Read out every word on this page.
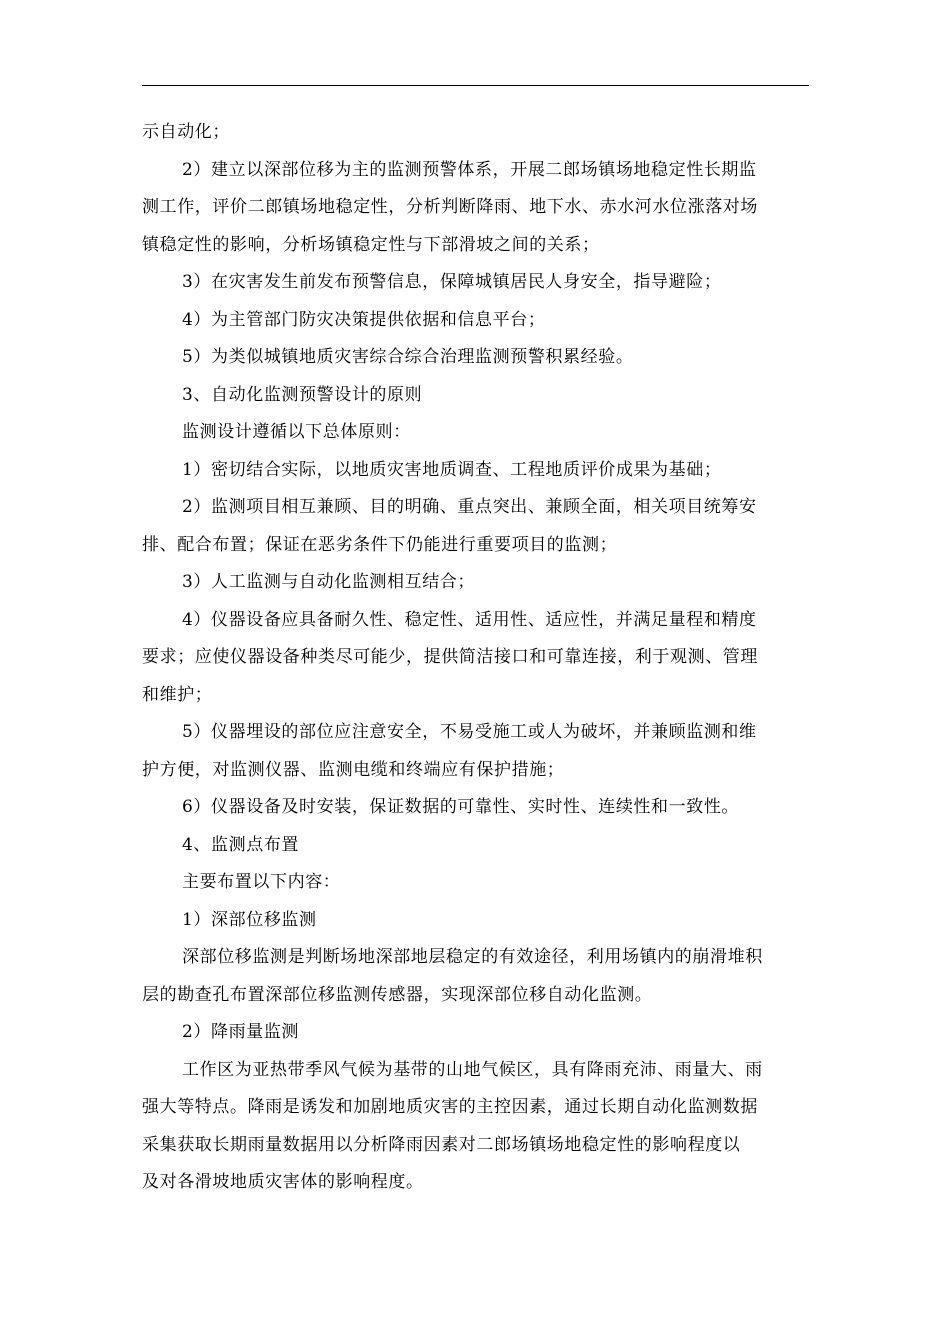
示自动化；
2）建立以深部位移为主的监测预警体系，开展二郎场镇场地稳定性长期监
测工作，评价二郎镇场地稳定性，分析判断降雨、地下水、赤水河水位涨落对场
镇稳定性的影响，分析场镇稳定性与下部滑坡之间的关系；
3）在灾害发生前发布预警信息，保障城镇居民人身安全，指导避险；
4）为主管部门防灾决策提供依据和信息平台；
5）为类似城镇地质灾害综合综合治理监测预警积累经验。
3、自动化监测预警设计的原则
监测设计遵循以下总体原则：
1）密切结合实际，以地质灾害地质调查、工程地质评价成果为基础；
2）监测项目相互兼顾、目的明确、重点突出、兼顾全面，相关项目统筹安
排、配合布置；保证在恶劣条件下仍能进行重要项目的监测；
3）人工监测与自动化监测相互结合；
4）仪器设备应具备耐久性、稳定性、适用性、适应性，并满足量程和精度
要求；应使仪器设备种类尽可能少，提供简洁接口和可靠连接，利于观测、管理
和维护；
5）仪器埋设的部位应注意安全，不易受施工或人为破坏，并兼顾监测和维
护方便，对监测仪器、监测电缆和终端应有保护措施；
6）仪器设备及时安装，保证数据的可靠性、实时性、连续性和一致性。
4、监测点布置
主要布置以下内容：
1）深部位移监测
深部位移监测是判断场地深部地层稳定的有效途径，利用场镇内的崩滑堆积
层的勘查孔布置深部位移监测传感器，实现深部位移自动化监测。
2）降雨量监测
工作区为亚热带季风气候为基带的山地气候区，具有降雨充沛、雨量大、雨
强大等特点。降雨是诱发和加剧地质灾害的主控因素，通过长期自动化监测数据
采集获取长期雨量数据用以分析降雨因素对二郎场镇场地稳定性的影响程度以
及对各滑坡地质灾害体的影响程度。
